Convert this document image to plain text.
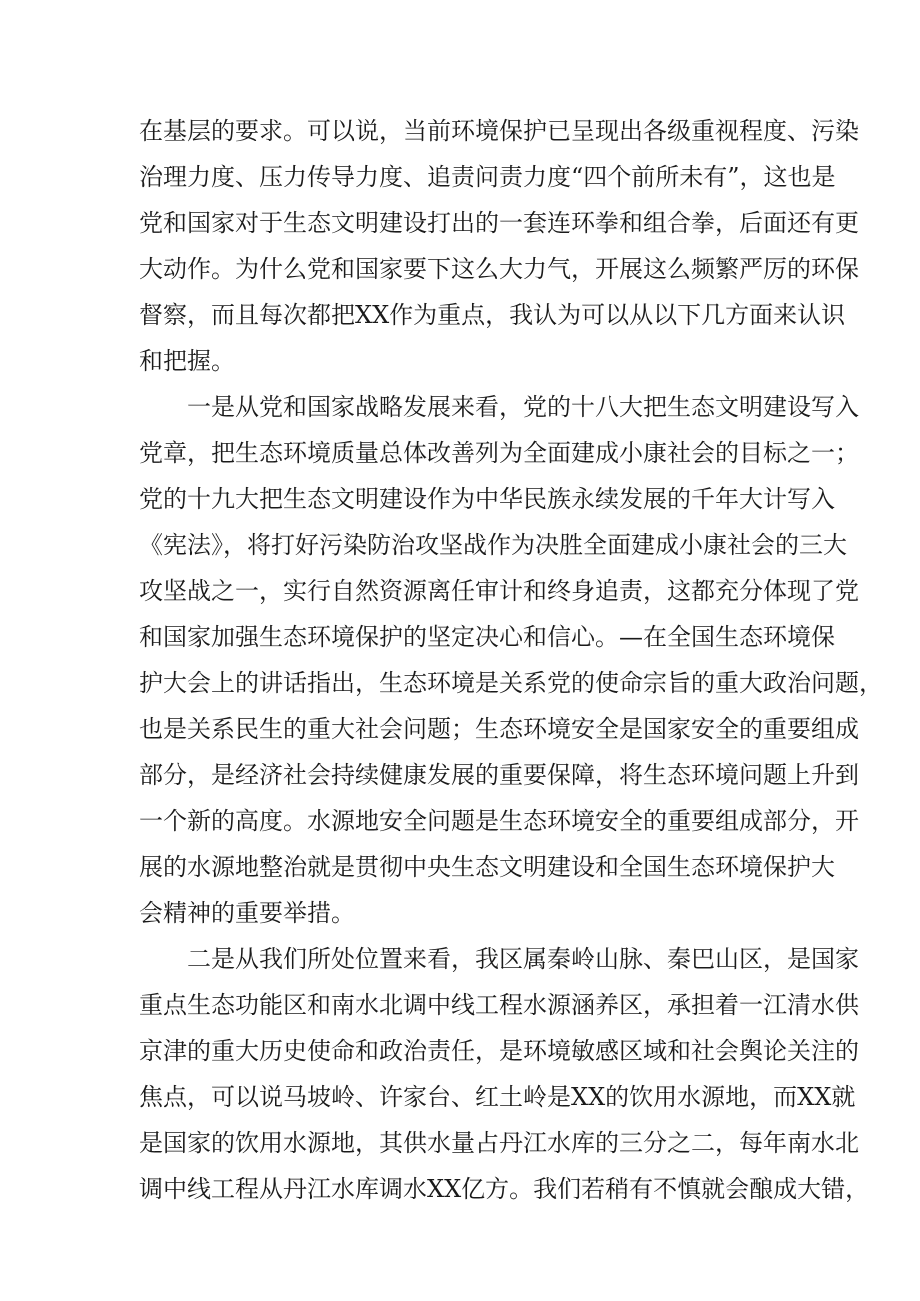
在基层的要求。可以说，当前环境保护已呈现出各级重视程度、污染
治理力度、压力传导力度、追责问责力度“四个前所未有”，这也是
党和国家对于生态文明建设打出的一套连环拳和组合拳，后面还有更
大动作。为什么党和国家要下这么大力气，开展这么频繁严厉的环保
督察，而且每次都把XX作为重点，我认为可以从以下几方面来认识
和把握。
一是从党和国家战略发展来看，党的十八大把生态文明建设写入
党章，把生态环境质量总体改善列为全面建成小康社会的目标之一；
党的十九大把生态文明建设作为中华民族永续发展的千年大计写入
《宪法》，将打好污染防治攻坚战作为决胜全面建成小康社会的三大
攻坚战之一，实行自然资源离任审计和终身追责，这都充分体现了党
和国家加强生态环境保护的坚定决心和信心。—在全国生态环境保
护大会上的讲话指出，生态环境是关系党的使命宗旨的重大政治问题，
也是关系民生的重大社会问题；生态环境安全是国家安全的重要组成
部分，是经济社会持续健康发展的重要保障，将生态环境问题上升到
一个新的高度。水源地安全问题是生态环境安全的重要组成部分，开
展的水源地整治就是贯彻中央生态文明建设和全国生态环境保护大
会精神的重要举措。
二是从我们所处位置来看，我区属秦岭山脉、秦巴山区，是国家
重点生态功能区和南水北调中线工程水源涵养区，承担着一江清水供
京津的重大历史使命和政治责任，是环境敏感区域和社会舆论关注的
焦点，可以说马坡岭、许家台、红土岭是XX的饮用水源地，而XX就
是国家的饮用水源地，其供水量占丹江水库的三分之二，每年南水北
调中线工程从丹江水库调水XX亿方。我们若稍有不慎就会酿成大错，
